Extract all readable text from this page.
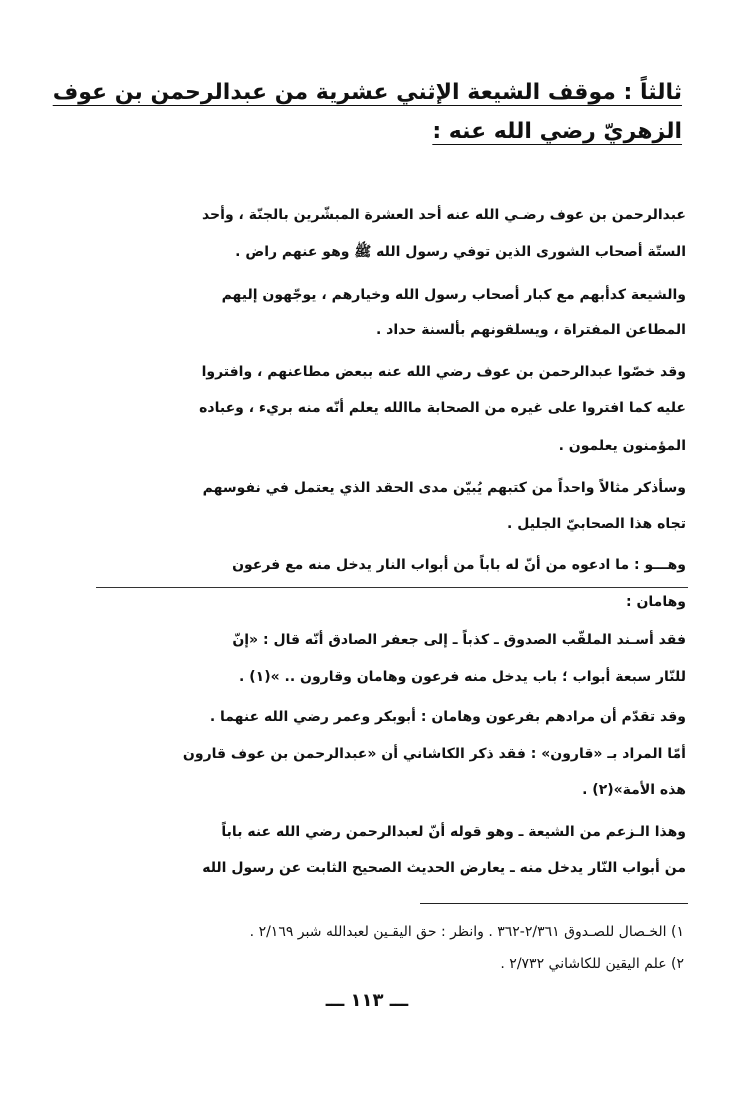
ثالثاً : موقف الشيعة الإثني عشرية من عبدالرحمن بن عوف
الزهريّ رضي الله عنه :
عبدالرحمن بن عوف رضـي الله عنه أحد العشرة المبشّرين بالجنّة ، وأحد
الستّة أصحاب الشورى الذين توفي رسول الله ﷺ وهو عنهم راض .
والشيعة كدأبهم مع كبار أصحاب رسول الله وخيارهم ، يوجّهون إليهم
المطاعن المفتراة ، ويسلقونهم بألسنة حداد .
وقد خصّوا عبدالرحمن بن عوف رضي الله عنه ببعض مطاعنهم ، وافتروا
عليه كما افتروا على غيره من الصحابة ماالله يعلم أنّه منه بريء ، وعباده
المؤمنون يعلمون .
وسأذكر مثالاً واحداً من كتبهم يُبيّن مدى الحقد الذي يعتمل في نفوسهم
تجاه هذا الصحابيّ الجليل .
وهـــو : ما ادعوه من أنّ له باباً من أبواب النار يدخل منه مع فرعون
وهامان :
فقد أسـند الملقّب الصدوق ـ كذباً ـ إلى جعفر الصادق أنّه قال : «إنّ
للنّار سبعة أبواب ؛ باب يدخل منه فرعون وهامان وقارون .. »(١) .
وقد تقدّم أن مرادهم بفرعون وهامان : أبوبكر وعمر رضي الله عنهما .
أمّا المراد بـ «قارون» : فقد ذكر الكاشاني أن «عبدالرحمن بن عوف قارون
هذه الأمة»(٢) .
وهذا الـزعم من الشيعة ـ وهو قوله أنّ لعبدالرحمن رضي الله عنه باباً
من أبواب النّار يدخل منه ـ يعارض الحديث الصحيح الثابت عن رسول الله
١) الخـصال للصـدوق ٢/٣٦١-٣٦٢ . وانظر : حق اليقـين لعبدالله شبر ٢/١٦٩ .
٢) علم اليقين للكاشاني ٢/٧٣٢ .
ـــ ١١٣ ـــ
